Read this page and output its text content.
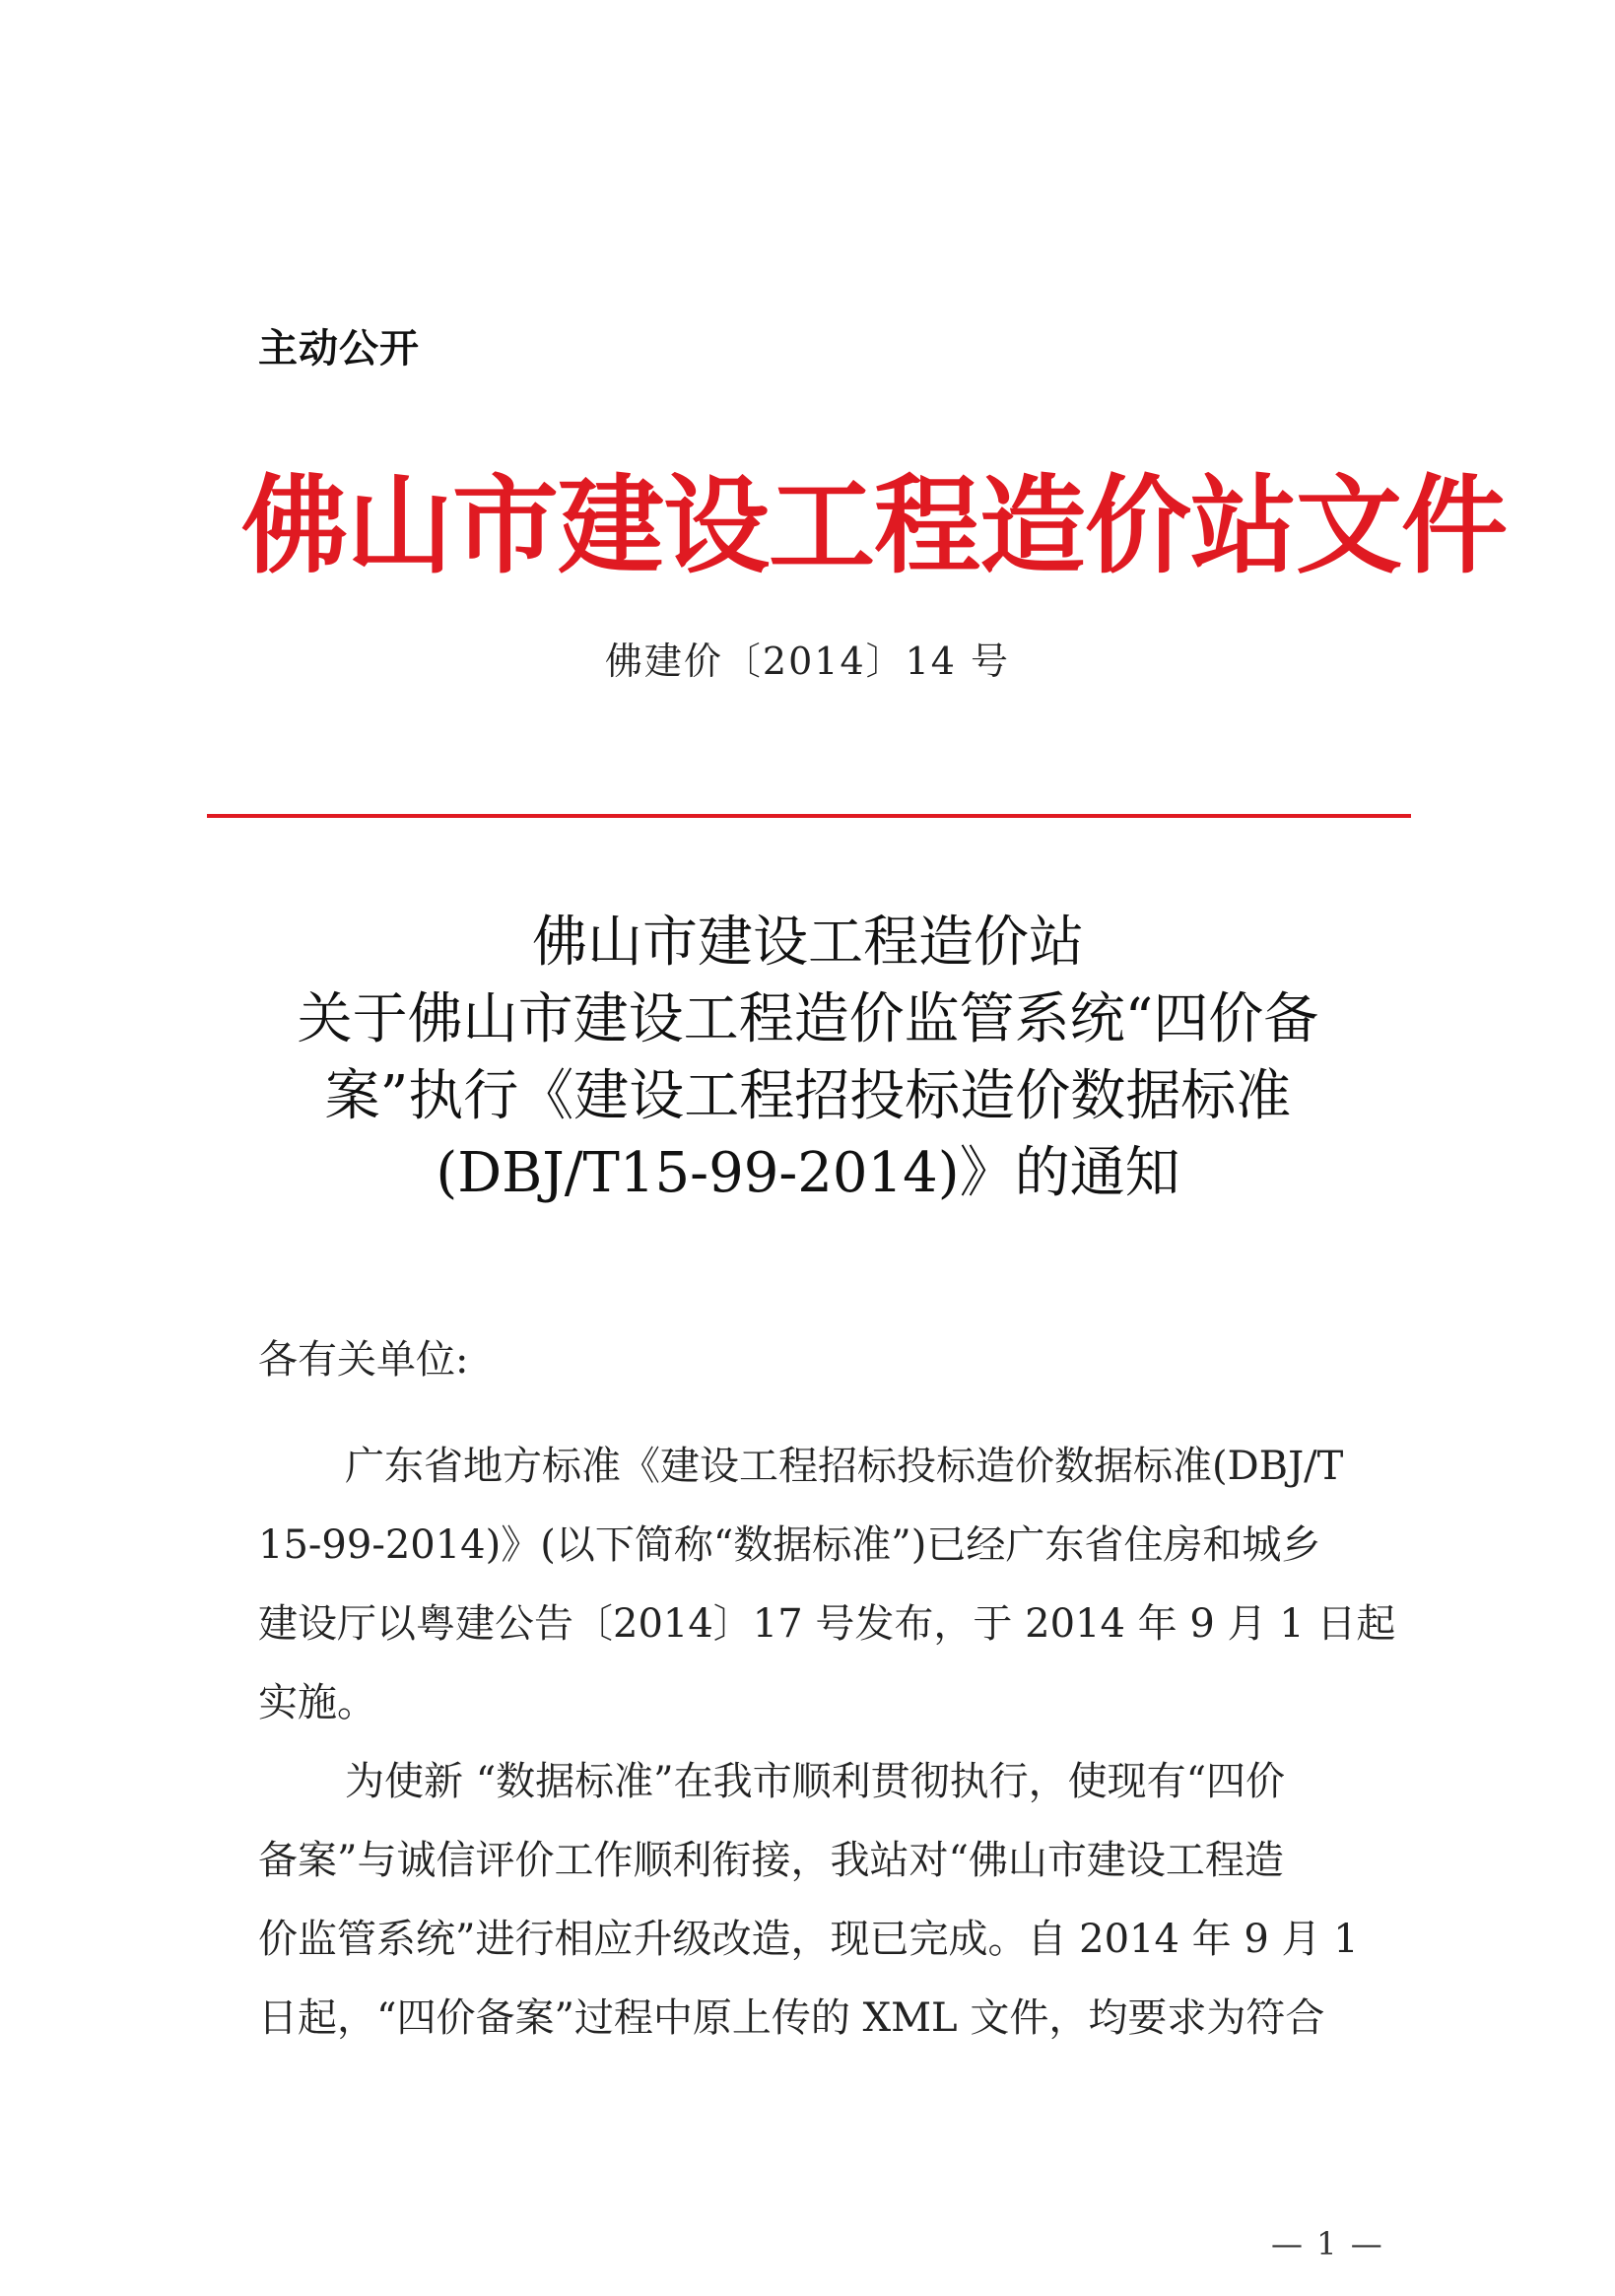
主动公开
佛山市建设工程造价站文件
佛建价〔2014〕14 号
佛山市建设工程造价站
关于佛山市建设工程造价监管系统“四价备
案”执行《建设工程招投标造价数据标准
(DBJ/T15-99-2014)》的通知
各有关单位:
广东省地方标准《建设工程招标投标造价数据标准(DBJ/T
15-99-2014)》(以下简称“数据标准”)已经广东省住房和城乡
建设厅以粤建公告〔2014〕17 号发布，于 2014 年 9 月 1 日起
实施。
为使新 “数据标准”在我市顺利贯彻执行，使现有“四价
备案”与诚信评价工作顺利衔接，我站对“佛山市建设工程造
价监管系统”进行相应升级改造，现已完成。自 2014 年 9 月 1
日起，“四价备案”过程中原上传的 XML 文件，均要求为符合
— 1 —
